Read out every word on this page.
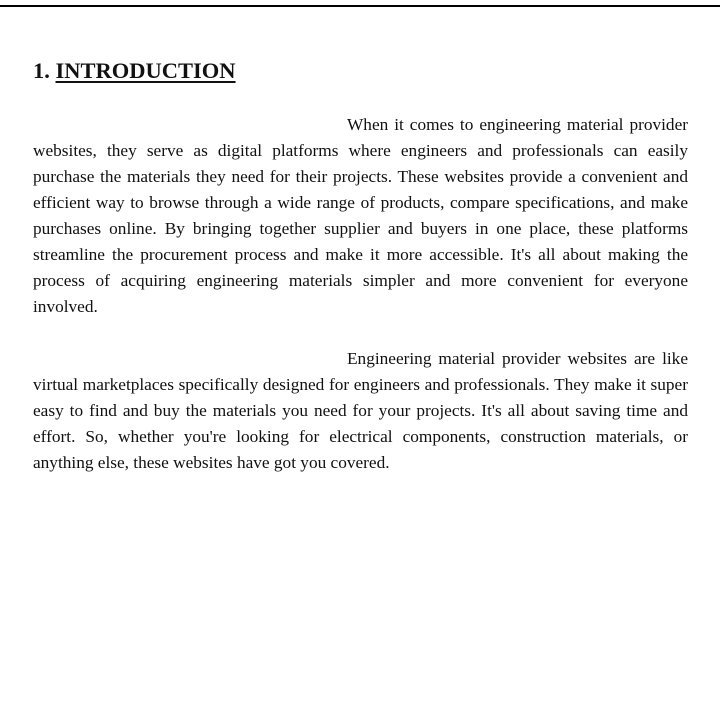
1. INTRODUCTION

When it comes to engineering material provider websites, they serve as digital platforms where engineers and professionals can easily purchase the materials they need for their projects. These websites provide a convenient and efficient way to browse through a wide range of products, compare specifications, and make purchases online. By bringing together supplier and buyers in one place, these platforms streamline the procurement process and make it more accessible. It's all about making the process of acquiring engineering materials simpler and more convenient for everyone involved.

Engineering material provider websites are like virtual marketplaces specifically designed for engineers and professionals. They make it super easy to find and buy the materials you need for your projects. It's all about saving time and effort. So, whether you're looking for electrical components, construction materials, or anything else, these websites have got you covered.
